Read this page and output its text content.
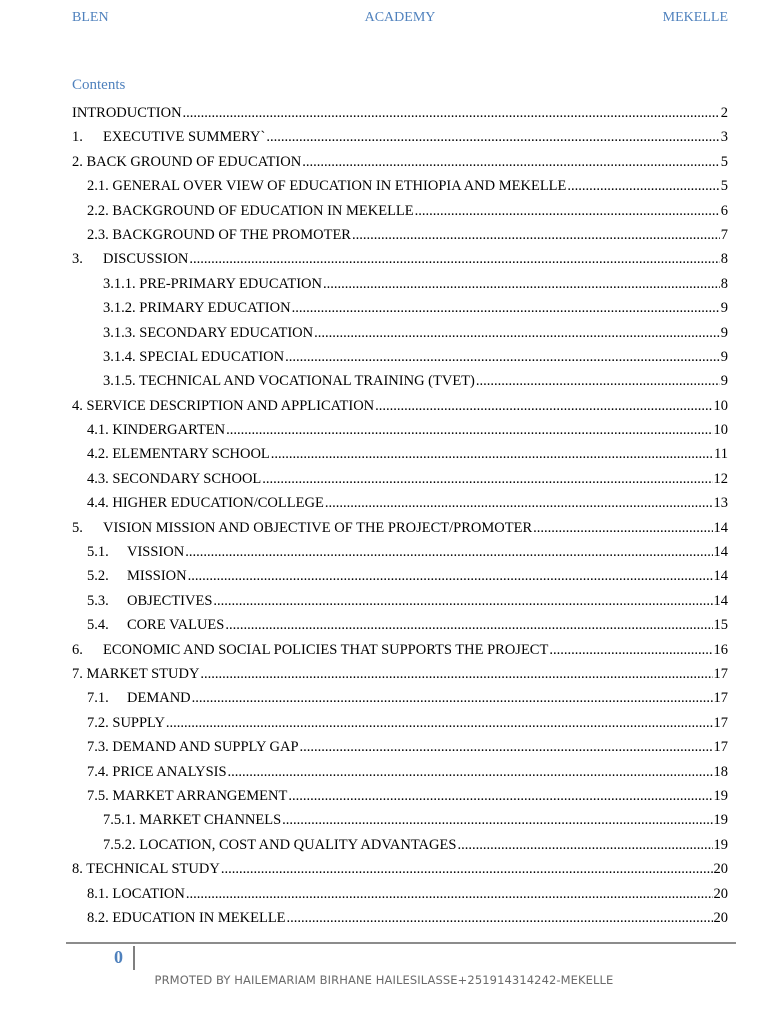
BLEN	ACADEMY	MEKELLE
Contents
INTRODUCTION .....	2
1.	EXECUTIVE SUMMERY` .....	3
2. BACK GROUND OF EDUCATION .....	5
2.1. GENERAL OVER VIEW OF EDUCATION IN ETHIOPIA AND MEKELLE .....	5
2.2. BACKGROUND OF EDUCATION IN MEKELLE .....	6
2.3. BACKGROUND OF THE PROMOTER .....	7
3.	DISCUSSION .....	8
3.1.1. PRE-PRIMARY EDUCATION .....	8
3.1.2. PRIMARY EDUCATION .....	9
3.1.3. SECONDARY EDUCATION .....	9
3.1.4. SPECIAL EDUCATION .....	9
3.1.5. TECHNICAL AND VOCATIONAL TRAINING (TVET) .....	9
4. SERVICE DESCRIPTION AND APPLICATION .....	10
4.1. KINDERGARTEN .....	10
4.2. ELEMENTARY SCHOOL .....	11
4.3. SECONDARY SCHOOL .....	12
4.4. HIGHER EDUCATION/COLLEGE .....	13
5.	VISION MISSION AND OBJECTIVE OF THE PROJECT/PROMOTER .....	14
5.1.	VISSION .....	14
5.2.	MISSION .....	14
5.3.	OBJECTIVES .....	14
5.4.	CORE VALUES .....	15
6.	ECONOMIC AND SOCIAL POLICIES THAT SUPPORTS THE PROJECT .....	16
7. MARKET STUDY .....	17
7.1.	DEMAND .....	17
7.2. SUPPLY .....	17
7.3. DEMAND AND SUPPLY GAP .....	17
7.4. PRICE ANALYSIS .....	18
7.5. MARKET ARRANGEMENT .....	19
7.5.1. MARKET CHANNELS .....	19
7.5.2. LOCATION, COST AND QUALITY ADVANTAGES .....	19
8. TECHNICAL STUDY .....	20
8.1. LOCATION .....	20
8.2. EDUCATION IN MEKELLE .....	20
0
PRMOTED BY HAILEMARIAM BIRHANE HAILESILASSE+251914314242-MEKELLE
